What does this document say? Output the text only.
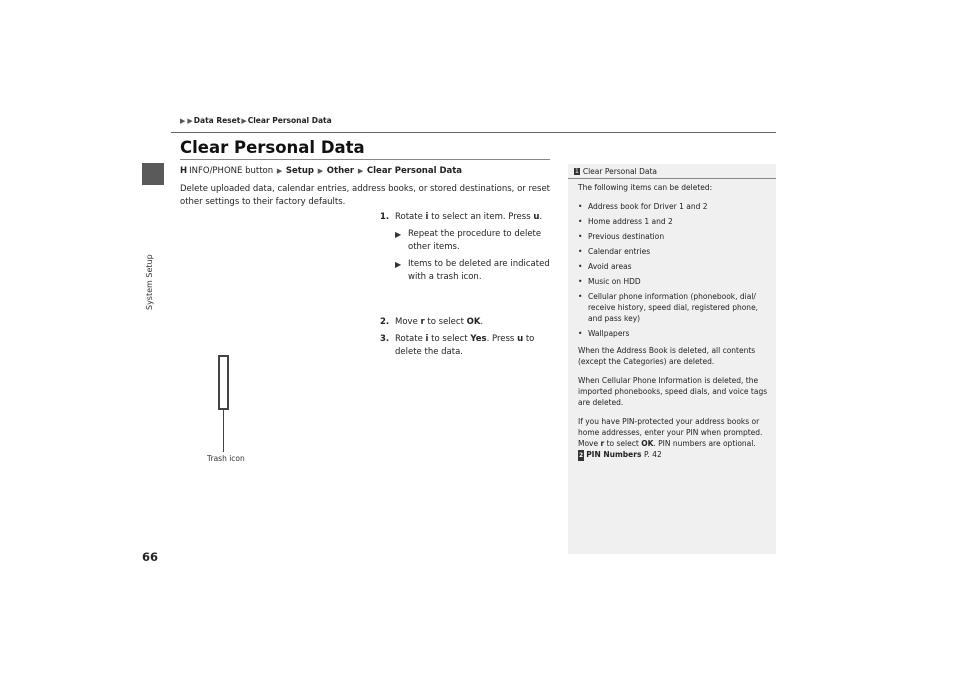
System Setup
▶ ▶Data Reset▶Clear Personal Data
Clear Personal Data
H INFO/PHONE button ▶ Setup ▶ Other ▶ Clear Personal Data
Delete uploaded data, calendar entries, address books, or stored destinations, or reset other settings to their factory defaults.
1. Rotate i to select an item. Press u.
▶ Repeat the procedure to delete other items.
▶ Items to be deleted are indicated with a trash icon.
2. Move r to select OK.
3. Rotate i to select Yes. Press u to delete the data.
Trash icon
1 Clear Personal Data

The following items can be deleted:

• Address book for Driver 1 and 2
• Home address 1 and 2
• Previous destination
• Calendar entries
• Avoid areas
• Music on HDD
• Cellular phone information (phonebook, dial/ receive history, speed dial, registered phone, and pass key)
• Wallpapers

When the Address Book is deleted, all contents (except the Categories) are deleted.

When Cellular Phone Information is deleted, the imported phonebooks, speed dials, and voice tags are deleted.

If you have PIN-protected your address books or home addresses, enter your PIN when prompted. Move r to select OK. PIN numbers are optional.

2 PIN Numbers P. 42
66
